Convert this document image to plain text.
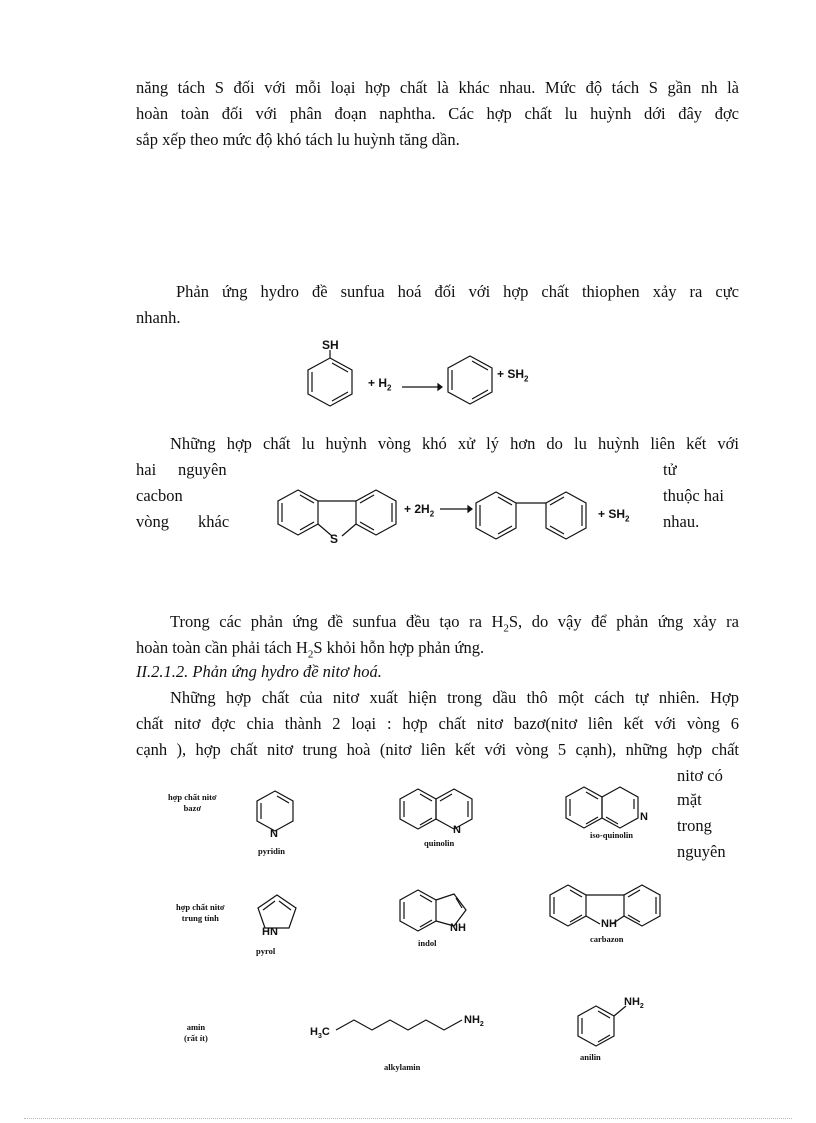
năng tách S đối với mỗi loại hợp chất là khác nhau. Mức độ tách S gần nh là
hoàn toàn đối với phân đoạn naphtha. Các hợp chất lu huỳnh dới đây đợc
sắp xếp theo mức độ khó tách lu huỳnh tăng dần.
Phản ứng hydro đề sunfua hoá đối với hợp chất thiophen xảy ra cực
nhanh.
SH
+ $H_2$ →
+ $SH_2$
Những hợp chất lu huỳnh vòng khó xử lý hơn do lu huỳnh liên kết với
hai nguyên	tử
cacbon	thuộc hai
vòng khác	nhau.
S
+ $2H_2$ →	+ $SH_2$
Trong các phản ứng đề sunfua đều tạo ra $H_2S$, do vậy để phản ứng xảy ra
hoàn toàn cần phải tách $H_2S$ khỏi hỗn hợp phản ứng.
II.2.1.2. Phản ứng hydro đề nitơ hoá.
Những hợp chất của nitơ xuất hiện trong dầu thô một cách tự nhiên. Hợp
chất nitơ đợc chia thành 2 loại : hợp chất nitơ bazơ(nitơ liên kết với vòng 6
cạnh ), hợp chất nitơ trung hoà (nitơ liên kết với vòng 5 cạnh), những hợp chất
nitơ có
mặt
trong
nguyên
hợp chất nitơ
bazơ
N
pyridin
N
quinolin
N
iso-quinolin
hợp chất nitơ
trung tính
HN
pyrol
NH
indol
NH
carbazon
amin
(rất ít)	$H_3C$
$NH_2$
alkylamin
$NH_2$
anilin
